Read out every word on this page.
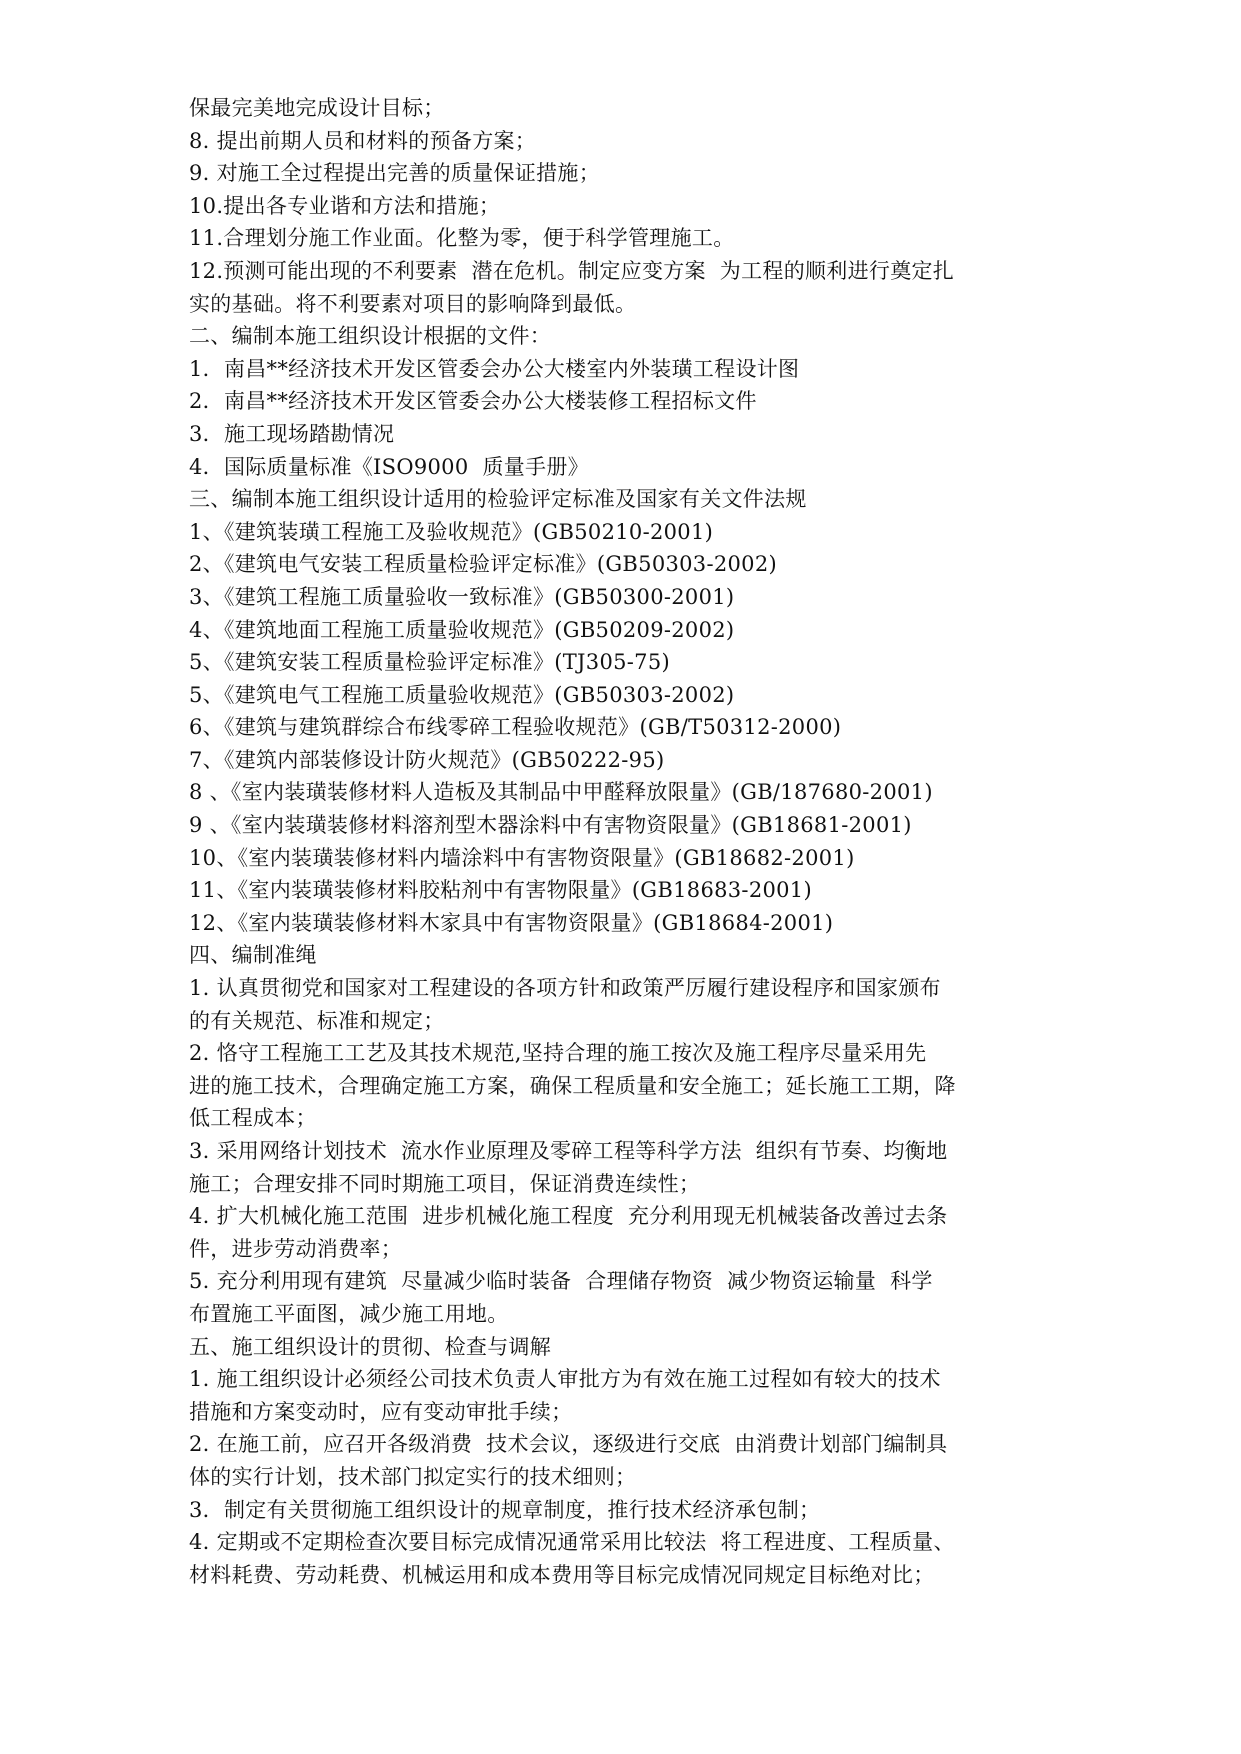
保最完美地完成设计目标；
8. 提出前期人员和材料的预备方案；
9. 对施工全过程提出完善的质量保证措施；
10.提出各专业谐和方法和措施；
11.合理划分施工作业面。化整为零，便于科学管理施工。
12.预测可能出现的不利要素  潜在危机。制定应变方案  为工程的顺利进行奠定扎
实的基础。将不利要素对项目的影响降到最低。
二、编制本施工组织设计根据的文件：
1．南昌**经济技术开发区管委会办公大楼室内外装璜工程设计图
2．南昌**经济技术开发区管委会办公大楼装修工程招标文件
3．施工现场踏勘情况
4．国际质量标准《ISO9000  质量手册》
三、编制本施工组织设计适用的检验评定标准及国家有关文件法规
1、《建筑装璜工程施工及验收规范》(GB50210-2001)
2、《建筑电气安装工程质量检验评定标准》(GB50303-2002)
3、《建筑工程施工质量验收一致标准》(GB50300-2001)
4、《建筑地面工程施工质量验收规范》(GB50209-2002)
5、《建筑安装工程质量检验评定标准》(TJ305-75)
5、《建筑电气工程施工质量验收规范》(GB50303-2002)
6、《建筑与建筑群综合布线零碎工程验收规范》(GB/T50312-2000)
7、《建筑内部装修设计防火规范》(GB50222-95)
8 、《室内装璜装修材料人造板及其制品中甲醛释放限量》(GB/187680-2001)
9 、《室内装璜装修材料溶剂型木器涂料中有害物资限量》(GB18681-2001)
10、《室内装璜装修材料内墙涂料中有害物资限量》(GB18682-2001)
11、《室内装璜装修材料胶粘剂中有害物限量》(GB18683-2001)
12、《室内装璜装修材料木家具中有害物资限量》(GB18684-2001)
四、编制准绳
1. 认真贯彻党和国家对工程建设的各项方针和政策严厉履行建设程序和国家颁布
的有关规范、标准和规定；
2. 恪守工程施工工艺及其技术规范,坚持合理的施工按次及施工程序尽量采用先
进的施工技术，合理确定施工方案，确保工程质量和安全施工；延长施工工期，降
低工程成本；
3. 采用网络计划技术  流水作业原理及零碎工程等科学方法  组织有节奏、均衡地
施工；合理安排不同时期施工项目，保证消费连续性；
4. 扩大机械化施工范围  进步机械化施工程度  充分利用现无机械装备改善过去条
件，进步劳动消费率；
5. 充分利用现有建筑  尽量减少临时装备  合理储存物资  减少物资运输量  科学
布置施工平面图，减少施工用地。
五、施工组织设计的贯彻、检查与调解
1. 施工组织设计必须经公司技术负责人审批方为有效在施工过程如有较大的技术
措施和方案变动时，应有变动审批手续；
2. 在施工前，应召开各级消费  技术会议，逐级进行交底  由消费计划部门编制具
体的实行计划，技术部门拟定实行的技术细则；
3．制定有关贯彻施工组织设计的规章制度，推行技术经济承包制；
4. 定期或不定期检查次要目标完成情况通常采用比较法  将工程进度、工程质量、
材料耗费、劳动耗费、机械运用和成本费用等目标完成情况同规定目标绝对比；
